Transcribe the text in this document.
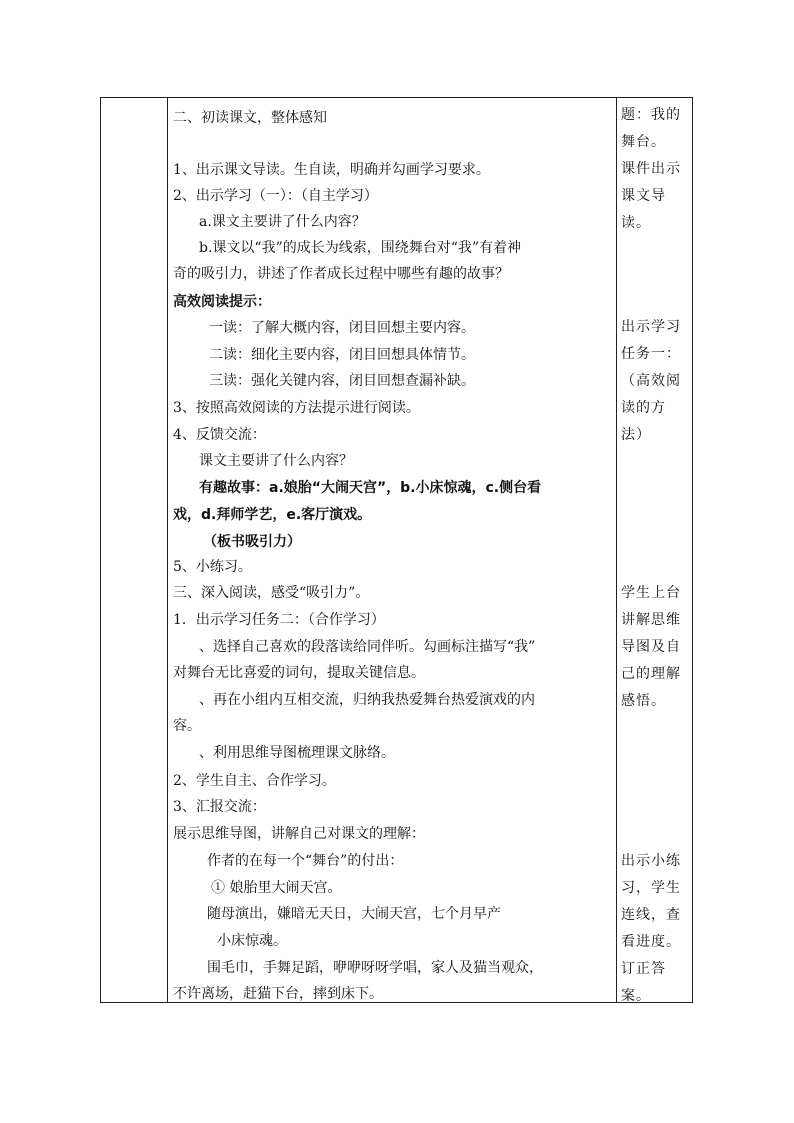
二、初读课文，整体感知
1、出示课文导读。生自读，明确并勾画学习要求。
2、出示学习（一）：（自主学习）
a.课文主要讲了什么内容？
b.课文以“我”的成长为线索，围绕舞台对“我”有着神
奇的吸引力，讲述了作者成长过程中哪些有趣的故事？
高效阅读提示：
一读：了解大概内容，闭目回想主要内容。
二读：细化主要内容，闭目回想具体情节。
三读：强化关键内容，闭目回想查漏补缺。
3、按照高效阅读的方法提示进行阅读。
4、反馈交流：
课文主要讲了什么内容？
有趣故事：a.娘胎“大闹天宫”，b.小床惊魂，c.侧台看
戏，d.拜师学艺，e.客厅演戏。
（板书吸引力）
5、小练习。
三、深入阅读，感受“吸引力”。
1．出示学习任务二：（合作学习）
、选择自己喜欢的段落读给同伴听。勾画标注描写“我”
对舞台无比喜爱的词句，提取关键信息。
、再在小组内互相交流，归纳我热爱舞台热爱演戏的内
容。
、利用思维导图梳理课文脉络。
2、学生自主、合作学习。
3、汇报交流：
展示思维导图，讲解自己对课文的理解：
作者的在每一个“舞台”的付出：
① 娘胎里大闹天宫。
随母演出，嫌暗无天日，大闹天宫，七个月早产
小床惊魂。
围毛巾，手舞足蹈，咿咿呀呀学唱，家人及猫当观众，
不许离场，赶猫下台，摔到床下。
题：我的舞台。
课件出示课文导读。
出示学习任务一：（高效阅读的方法）
学生上台讲解思维导图及自己的理解感悟。
出示小练习，学生连线，查看进度。订正答案。
